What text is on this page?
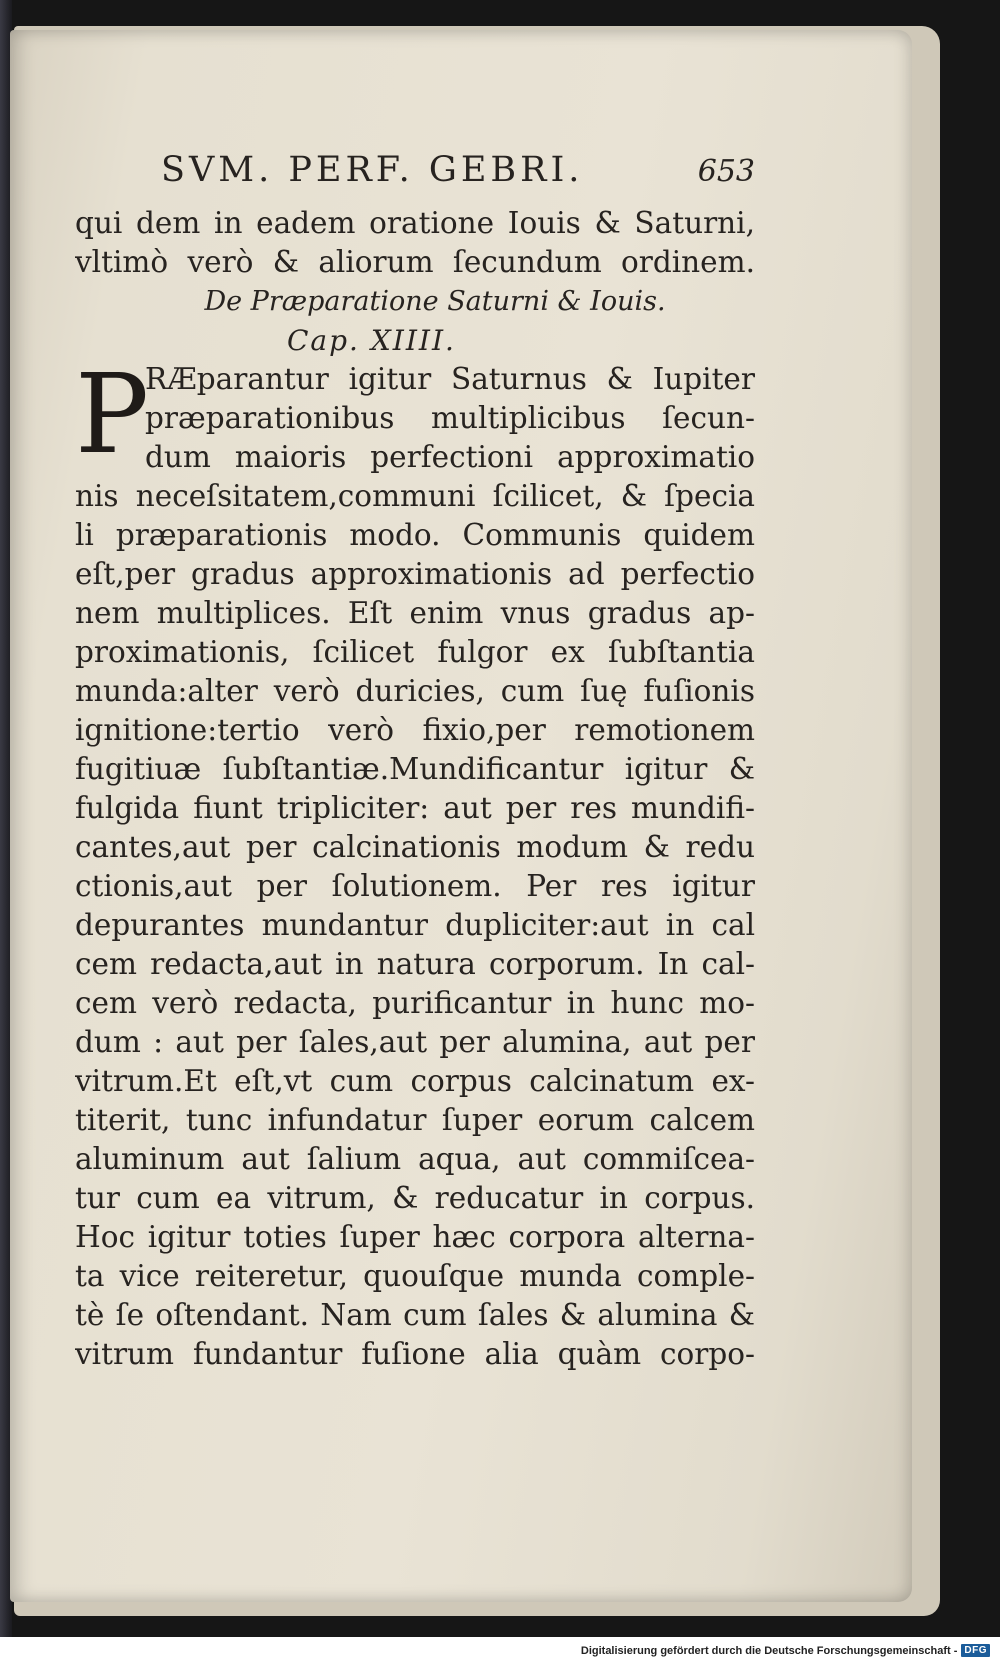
SVM. PERF. GEBRI.	653
qui dem in eadem oratione Iouis & Saturni,
vltimò verò & aliorum ſecundum ordinem.
De Præparatione Saturni & Iouis.
Cap. XIIII.
P
RÆparantur igitur Saturnus & Iupiter
præparationibus multiplicibus ſecun-
dum maioris perfectioni approximatio
nis neceſsitatem,communi ſcilicet, & ſpecia
li præparationis modo. Communis quidem
eſt,per gradus approximationis ad perfectio
nem multiplices. Eſt enim vnus gradus ap-
proximationis, ſcilicet fulgor ex ſubſtantia
munda:alter verò duricies, cum ſuę fuſionis
ignitione:tertio verò fixio,per remotionem
fugitiuæ ſubſtantiæ.Mundificantur igitur &
fulgida fiunt tripliciter: aut per res mundifi-
cantes,aut per calcinationis modum & redu
ctionis,aut per ſolutionem. Per res igitur
depurantes mundantur dupliciter:aut in cal
cem redacta,aut in natura corporum. In cal-
cem verò redacta, purificantur in hunc mo-
dum : aut per ſales,aut per alumina, aut per
vitrum.Et eſt,vt cum corpus calcinatum ex-
titerit, tunc infundatur ſuper eorum calcem
aluminum aut ſalium aqua, aut commiſcea-
tur cum ea vitrum, & reducatur in corpus.
Hoc igitur toties ſuper hæc corpora alterna-
ta vice reiteretur, quouſque munda comple-
tè ſe oſtendant. Nam cum ſales & alumina &
vitrum fundantur fuſione alia quàm corpo-
Digitalisierung gefördert durch die Deutsche Forschungsgemeinschaft - DFG
